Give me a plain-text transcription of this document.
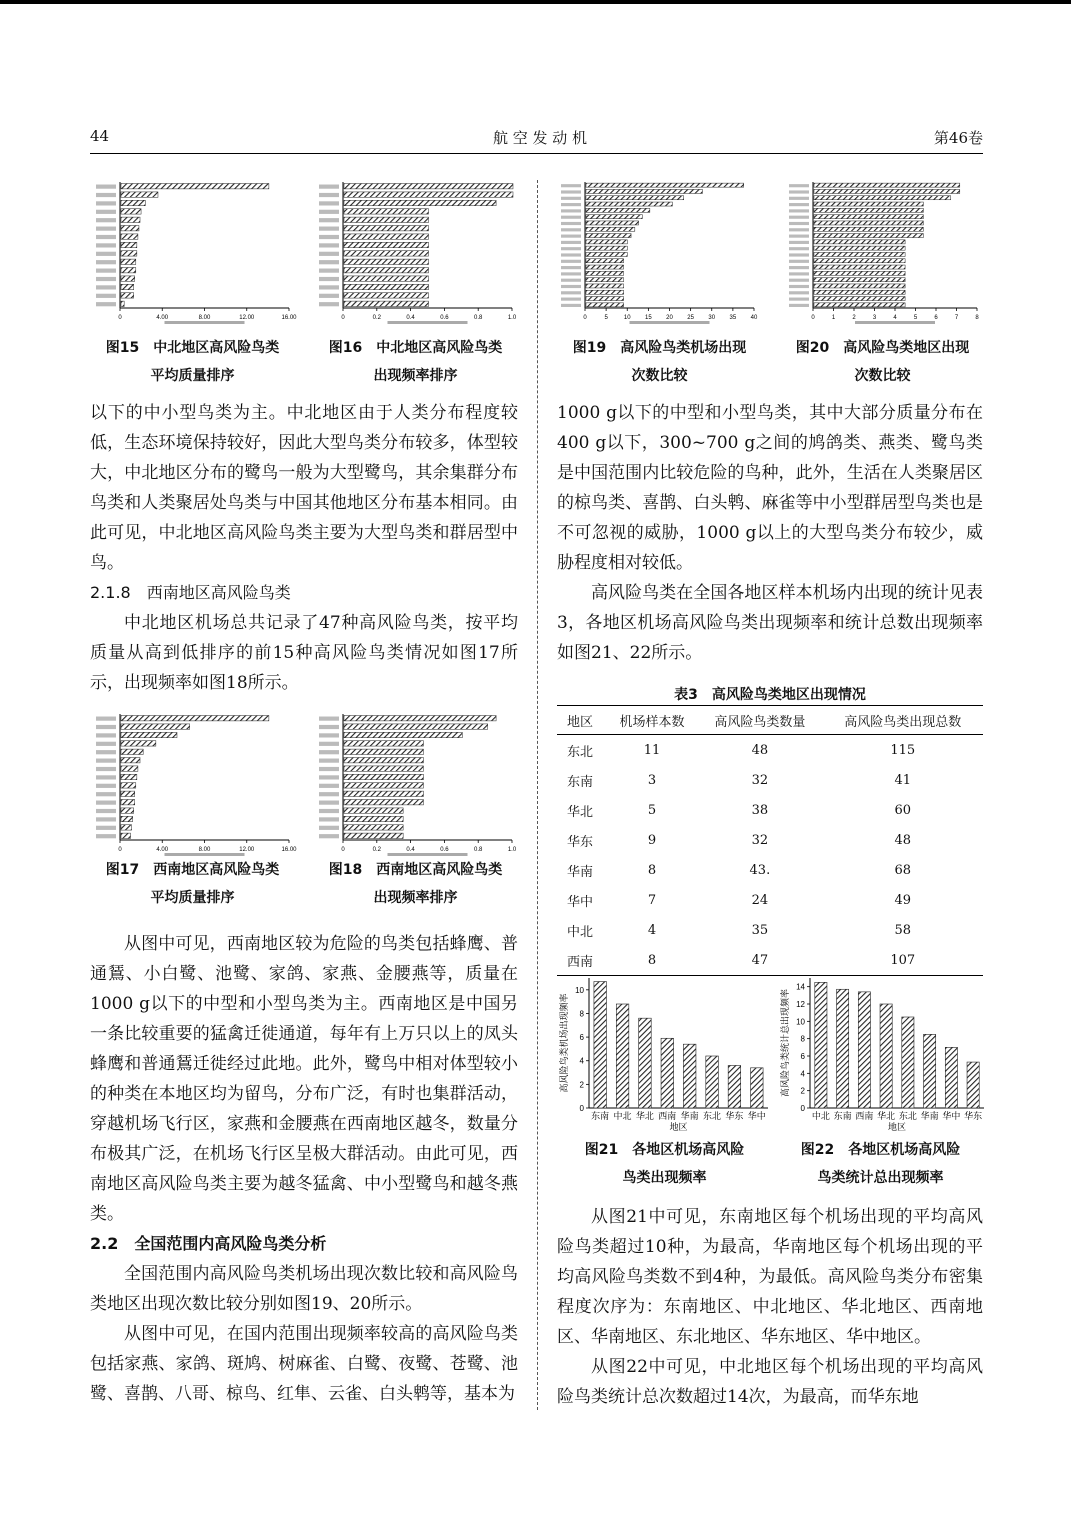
44	航 空 发 动 机	第46卷
0	4.00	8.00	12.00	16.00	0	0.2	0.4	0.6	0.8	1.0
0	4.00	8.00	12.00	16.00	0	0.2	0.4	0.6	0.8	1.0
0	5	10 15 20 25 30 35 40	0	1	2	3	4	5	6	7	8
0
2
4
6
8
10
东南 中北 华北 西南 华南 东北 华东 华中
地区
高风险鸟类机场出现频率
0
2
4
6
8
10
12
14
中北 东南 西南 华北 东北 华南 华中 华东
地区
高风险鸟类统计总出现频率
图15　 中北地区高风险鸟类
平均质量排序
图16　 中北地区高风险鸟类
出现频率排序
图17　 西南地区高风险鸟类
平均质量排序
图18　 西南地区高风险鸟类
出现频率排序
图19　 高风险鸟类机场出现
次数比较
图20　 高风险鸟类地区出现
次数比较
图21　 各地区机场高风险
鸟类出现频率
图22　 各地区机场高风险
鸟类统计总出现频率

以下的中小型鸟类为主。中北地区由于人类分布程度较低，生态环境保持较好，因此大型鸟类分布较多，体型较大，中北地区分布的鹭鸟一般为大型鹭鸟，其余集群分布鸟类和人类聚居处鸟类与中国其他地区分布基本相同。由此可见，中北地区高风险鸟类主要为大型鸟类和群居型中鸟。

2.1.8　西南地区高风险鸟类

中北地区机场总共记录了47种高风险鸟类，按平均质量从高到低排序的前15种高风险鸟类情况如图17所示，出现频率如图18所示。

从图中可见，西南地区较为危险的鸟类包括蜂鹰、普通鵟、小白鹭、池鹭、家鸽、家燕、金腰燕等，质量在1000 g以下的中型和小型鸟类为主。西南地区是中国另一条比较重要的猛禽迁徙通道，每年有上万只以上的凤头蜂鹰和普通鵟迁徙经过此地。此外，鹭鸟中相对体型较小的种类在本地区均为留鸟，分布广泛，有时也集群活动，穿越机场飞行区，家燕和金腰燕在西南地区越冬，数量分布极其广泛，在机场飞行区呈极大群活动。由此可见，西南地区高风险鸟类主要为越冬猛禽、中小型鹭鸟和越冬燕类。

2.2　全国范围内高风险鸟类分析

全国范围内高风险鸟类机场出现次数比较和高风险鸟类地区出现次数比较分别如图19、20所示。

从图中可见，在国内范围出现频率较高的高风险鸟类包括家燕、家鸽、斑鸠、树麻雀、白鹭、夜鹭、苍鹭、池鹭、喜鹊、八哥、椋鸟、红隼、云雀、白头鹎等，基本为

1000 g以下的中型和小型鸟类，其中大部分质量分布在400 g以下，300~700 g之间的鸠鸽类、燕类、鹭鸟类是中国范围内比较危险的鸟种，此外，生活在人类聚居区的椋鸟类、喜鹊、白头鹎、麻雀等中小型群居型鸟类也是不可忽视的威胁，1000 g以上的大型鸟类分布较少，威胁程度相对较低。

高风险鸟类在全国各地区样本机场内出现的统计见表3，各地区机场高风险鸟类出现频率和统计总数出现频率如图21、22所示。

表3　高风险鸟类地区出现情况
地区	机场样本数	高风险鸟类数量	高风险鸟类出现总数
东北	11	48	115
东南	3	32	41
华北	5	38	60
华东	9	32	48
华南	8	43.	68
华中	7	24	49
中北	4	35	58
西南	8	47	107

从图21中可见，东南地区每个机场出现的平均高风险鸟类超过10种，为最高，华南地区每个机场出现的平均高风险鸟类数不到4种，为最低。高风险鸟类分布密集程度次序为：东南地区、中北地区、华北地区、西南地区、华南地区、东北地区、华东地区、华中地区。

从图22中可见，中北地区每个机场出现的平均高风险鸟类统计总次数超过14次，为最高，而华东地
